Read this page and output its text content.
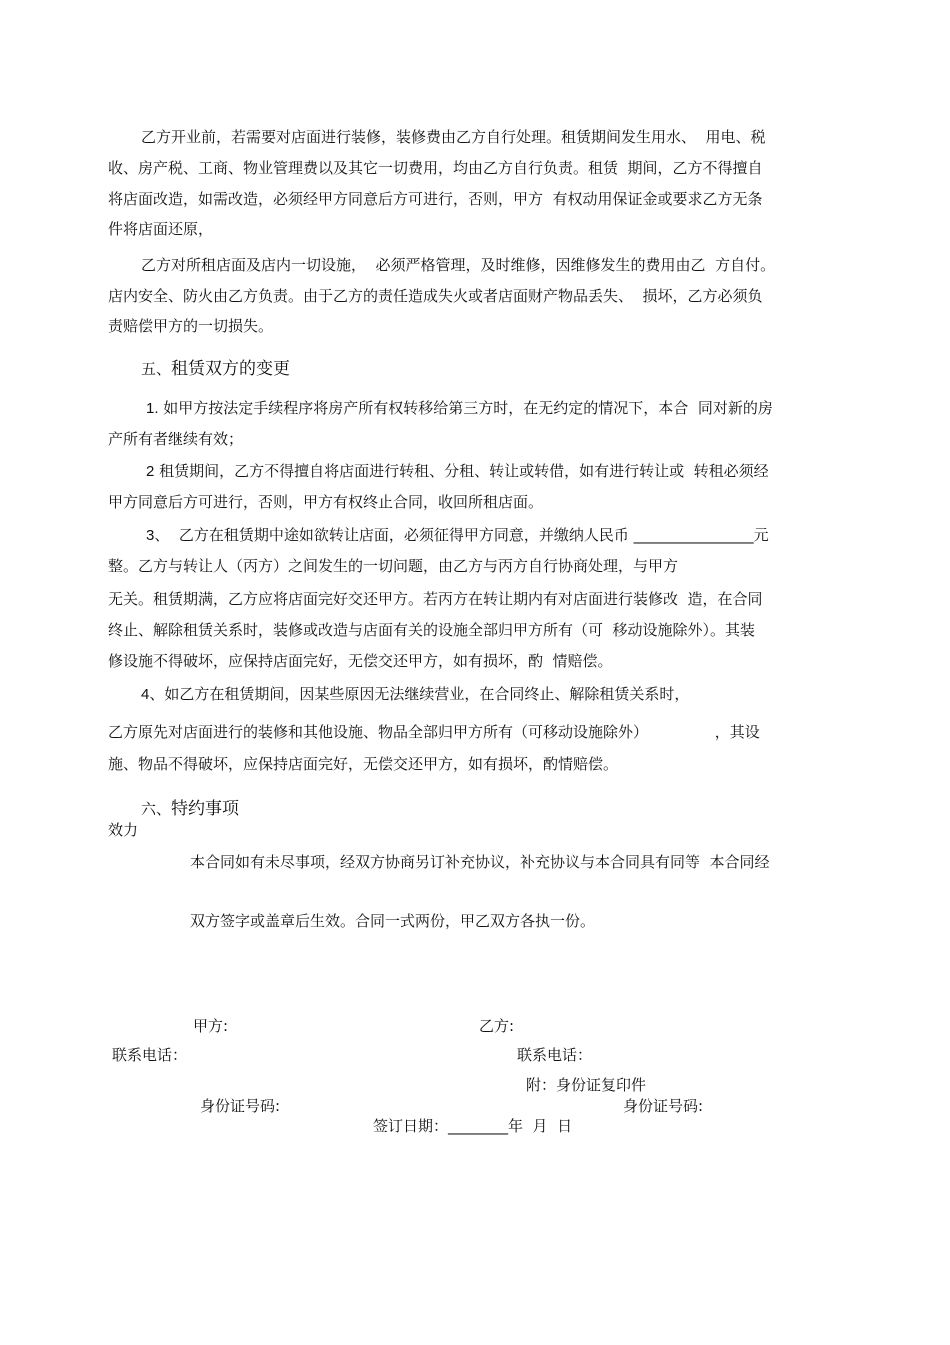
乙方开业前，若需要对店面进行装修，装修费由乙方自行处理。租赁期间发生用水、  用电、税
收、房产税、工商、物业管理费以及其它一切费用，均由乙方自行负责。租赁  期间，乙方不得擅自
将店面改造，如需改造，必须经甲方同意后方可进行，否则，甲方  有权动用保证金或要求乙方无条
件将店面还原，
乙方对所租店面及店内一切设施，  必须严格管理，及时维修，因维修发生的费用由乙  方自付。
店内安全、防火由乙方负责。由于乙方的责任造成失火或者店面财产物品丢失、  损坏，乙方必须负
责赔偿甲方的一切损失。
五、租赁双方的变更
1. 如甲方按法定手续程序将房产所有权转移给第三方时，在无约定的情况下，本合  同对新的房
产所有者继续有效；
2 租赁期间，乙方不得擅自将店面进行转租、分租、转让或转借，如有进行转让或  转租必须经
甲方同意后方可进行，否则，甲方有权终止合同，收回所租店面。
3、  乙方在租赁期中途如欲转让店面，必须征得甲方同意，并缴纳人民币 ________________元
整。乙方与转让人（丙方）之间发生的一切问题，由乙方与丙方自行协商处理，与甲方
无关。租赁期满，乙方应将店面完好交还甲方。若丙方在转让期内有对店面进行装修改  造，在合同
终止、解除租赁关系时，装修或改造与店面有关的设施全部归甲方所有（可  移动设施除外）。其装
修设施不得破坏，应保持店面完好，无偿交还甲方，如有损坏，酌  情赔偿。
4、如乙方在租赁期间，因某些原因无法继续营业，在合同终止、解除租赁关系时，
乙方原先对店面进行的装修和其他设施、物品全部归甲方所有（可移动设施除外）              ，其设
施、物品不得破坏，应保持店面完好，无偿交还甲方，如有损坏，酌情赔偿。
六、特约事项
效力
本合同如有未尽事项，经双方协商另订补充协议，补充协议与本合同具有同等  本合同经
双方签字或盖章后生效。合同一式两份，甲乙双方各执一份。
甲方:	乙方:
联系电话：	联系电话：
附：身份证复印件
身份证号码:	身份证号码:
签订日期：________年  月  日
